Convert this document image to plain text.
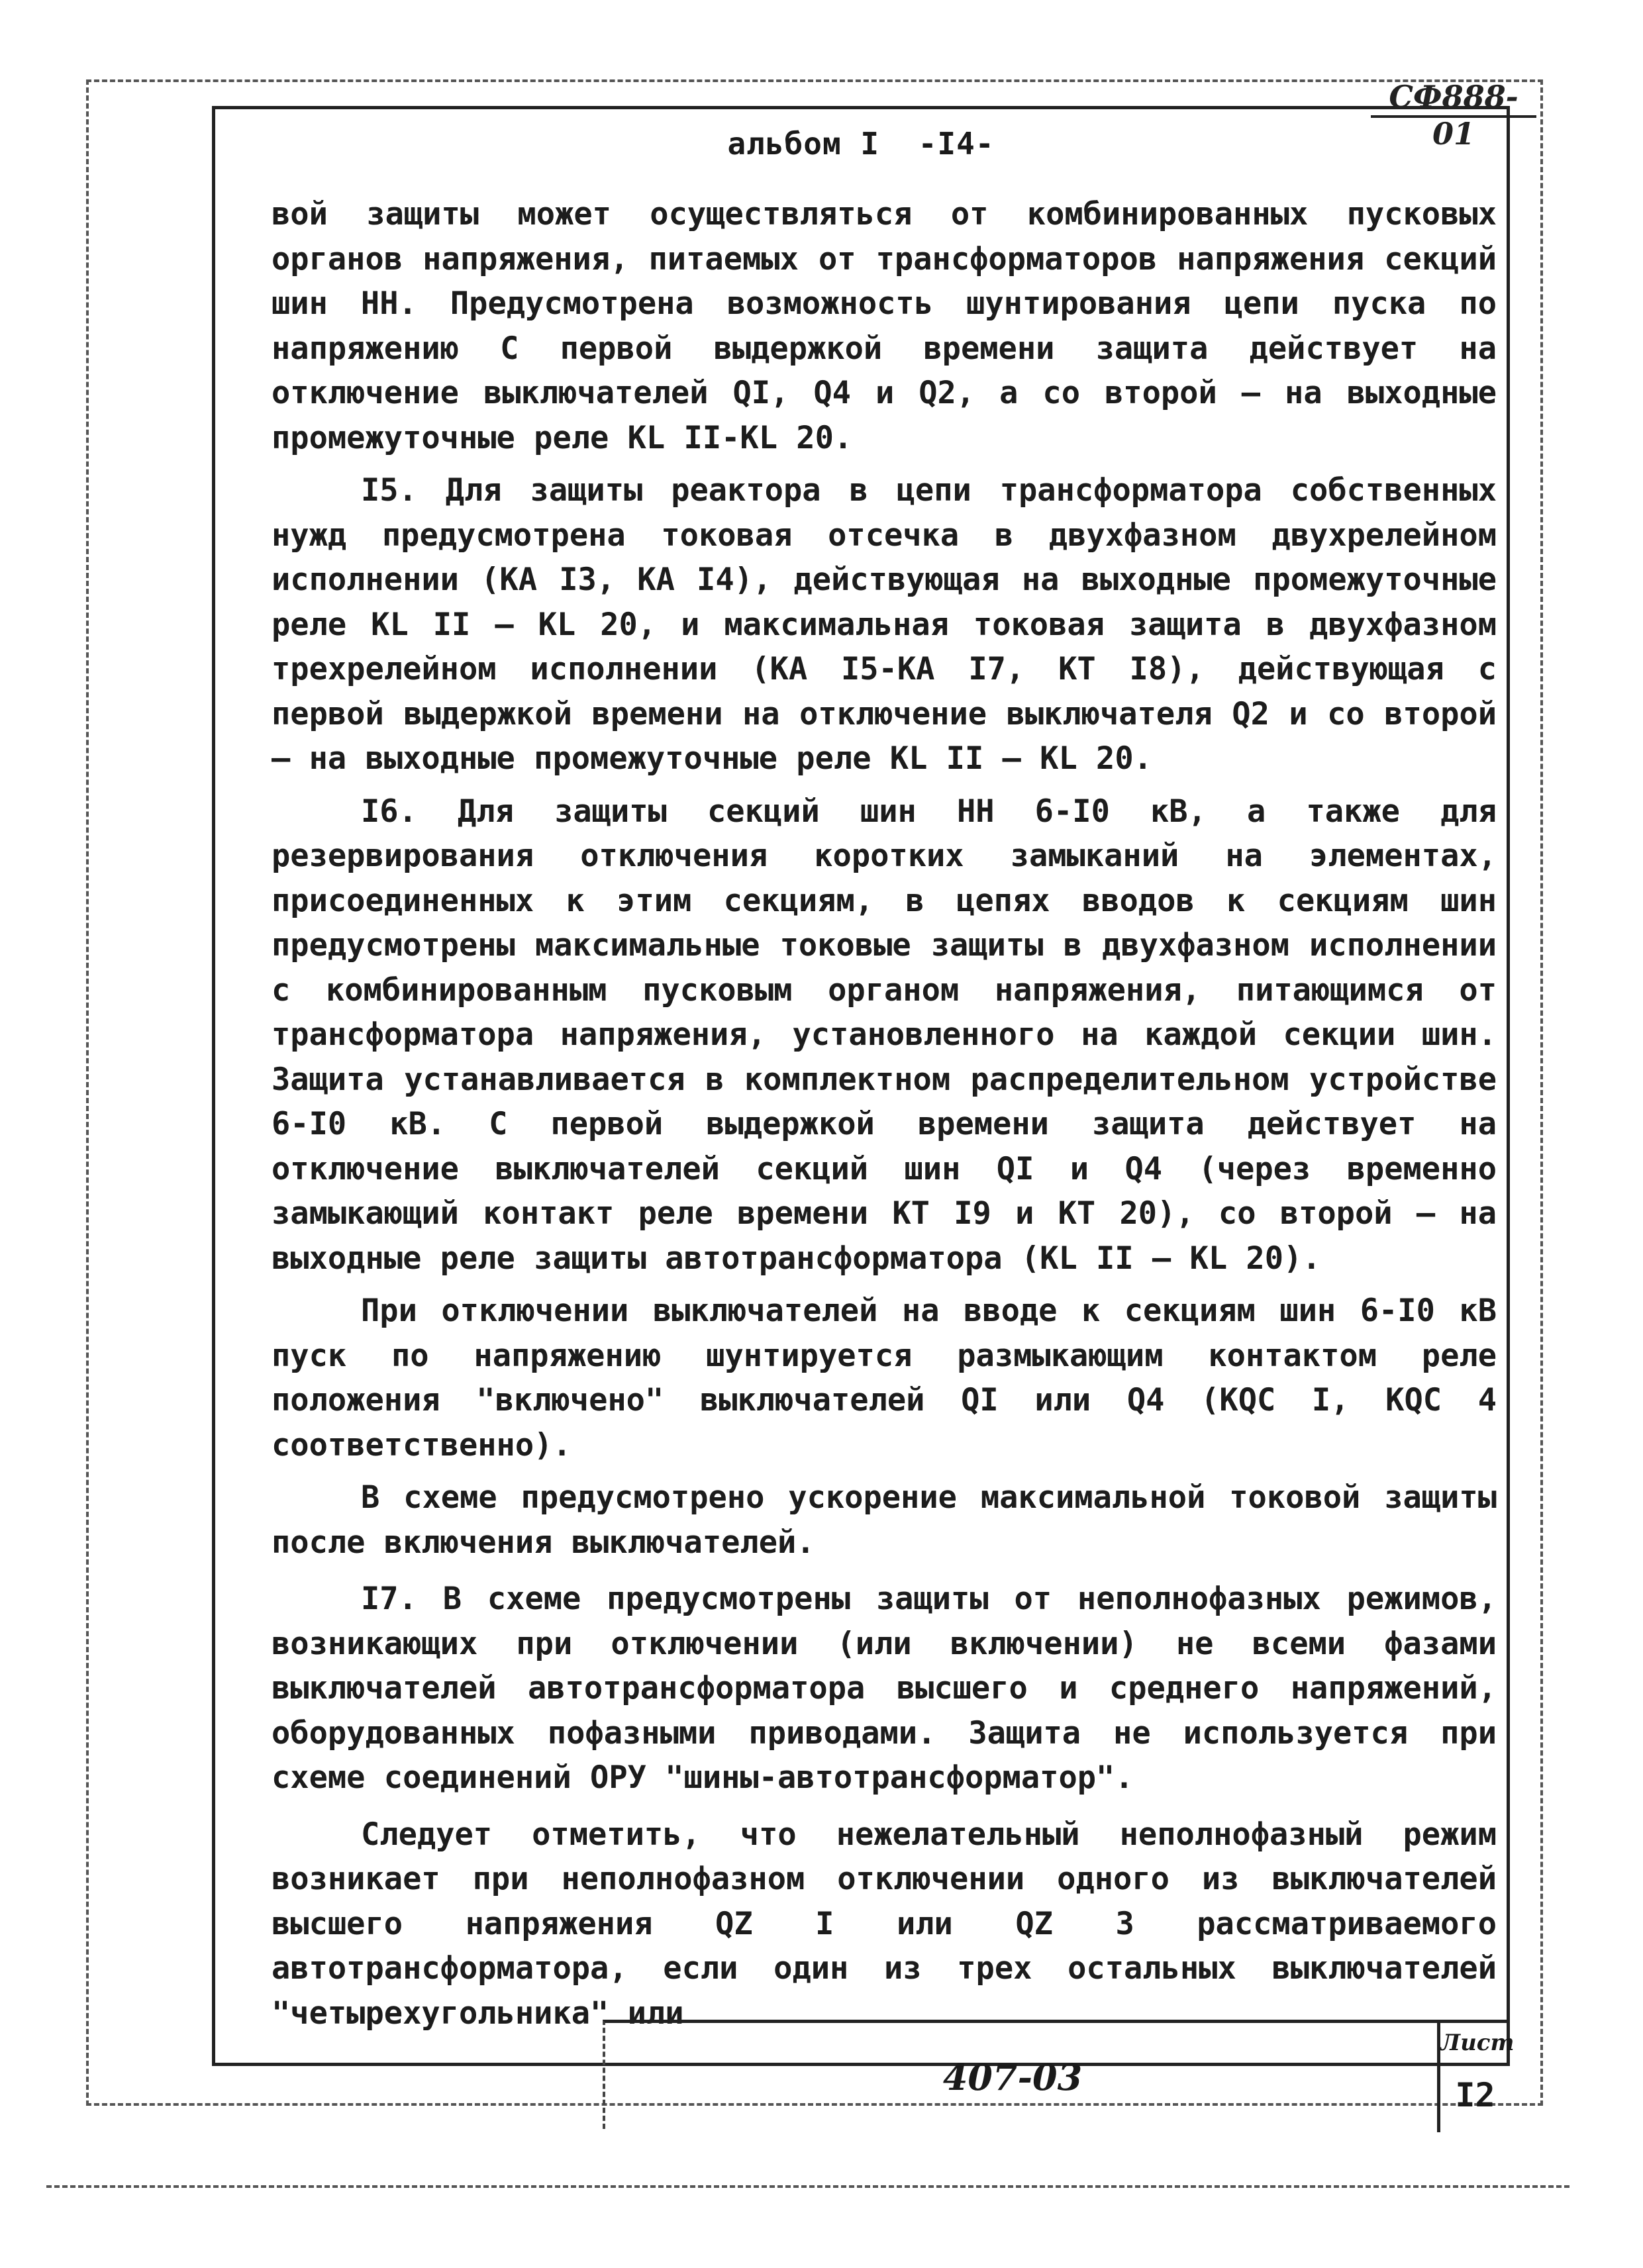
СФ888-01
альбом I -I4-

вой защиты может осуществляться от комбинированных пусковых органов напряжения, питаемых от трансформаторов напряжения секций шин НН. Предусмотрена возможность шунтирования цепи пуска по напряжению С первой выдержкой времени защита действует на отключение выключателей QI, Q4 и Q2, а со второй – на выходные промежуточные реле KL II-KL 20.

I5. Для защиты реактора в цепи трансформатора собственных нужд предусмотрена токовая отсечка в двухфазном двухрелейном исполнении (КА I3, КА I4), действующая на выходные промежуточные реле KL II – KL 20, и максимальная токовая защита в двухфазном трехрелейном исполнении (КА I5-КА I7, КТ I8), действующая с первой выдержкой времени на отключение выключателя Q2 и со второй – на выходные промежуточные реле KL II – KL 20.

I6. Для защиты секций шин НН 6-I0 кВ, а также для резервирования отключения коротких замыканий на элементах, присоединенных к этим секциям, в цепях вводов к секциям шин предусмотрены максимальные токовые защиты в двухфазном исполнении с комбинированным пусковым органом напряжения, питающимся от трансформатора напряжения, установленного на каждой секции шин. Защита устанавливается в комплектном распределительном устройстве 6-I0 кВ. С первой выдержкой времени защита действует на отключение выключателей секций шин QI и Q4 (через временно замыкающий контакт реле времени КТ I9 и КТ 20), со второй – на выходные реле защиты автотрансформатора (KL II – KL 20).

При отключении выключателей на вводе к секциям шин 6-I0 кВ пуск по напряжению шунтируется размыкающим контактом реле положения "включено" выключателей QI или Q4 (КQС I, КQС 4 соответственно).

В схеме предусмотрено ускорение максимальной токовой защиты после включения выключателей.

I7. В схеме предусмотрены защиты от неполнофазных режимов, возникающих при отключении (или включении) не всеми фазами выключателей автотрансформатора высшего и среднего напряжений, оборудованных пофазными приводами. Защита не используется при схеме соединений ОРУ "шины-автотрансформатор".

Следует отметить, что нежелательный неполнофазный режим возникает при неполнофазном отключении одного из выключателей высшего напряжения QZ I или QZ 3 рассматриваемого автотрансформатора, если один из трех остальных выключателей "четырехугольника" или

407-03
Лист
I2
